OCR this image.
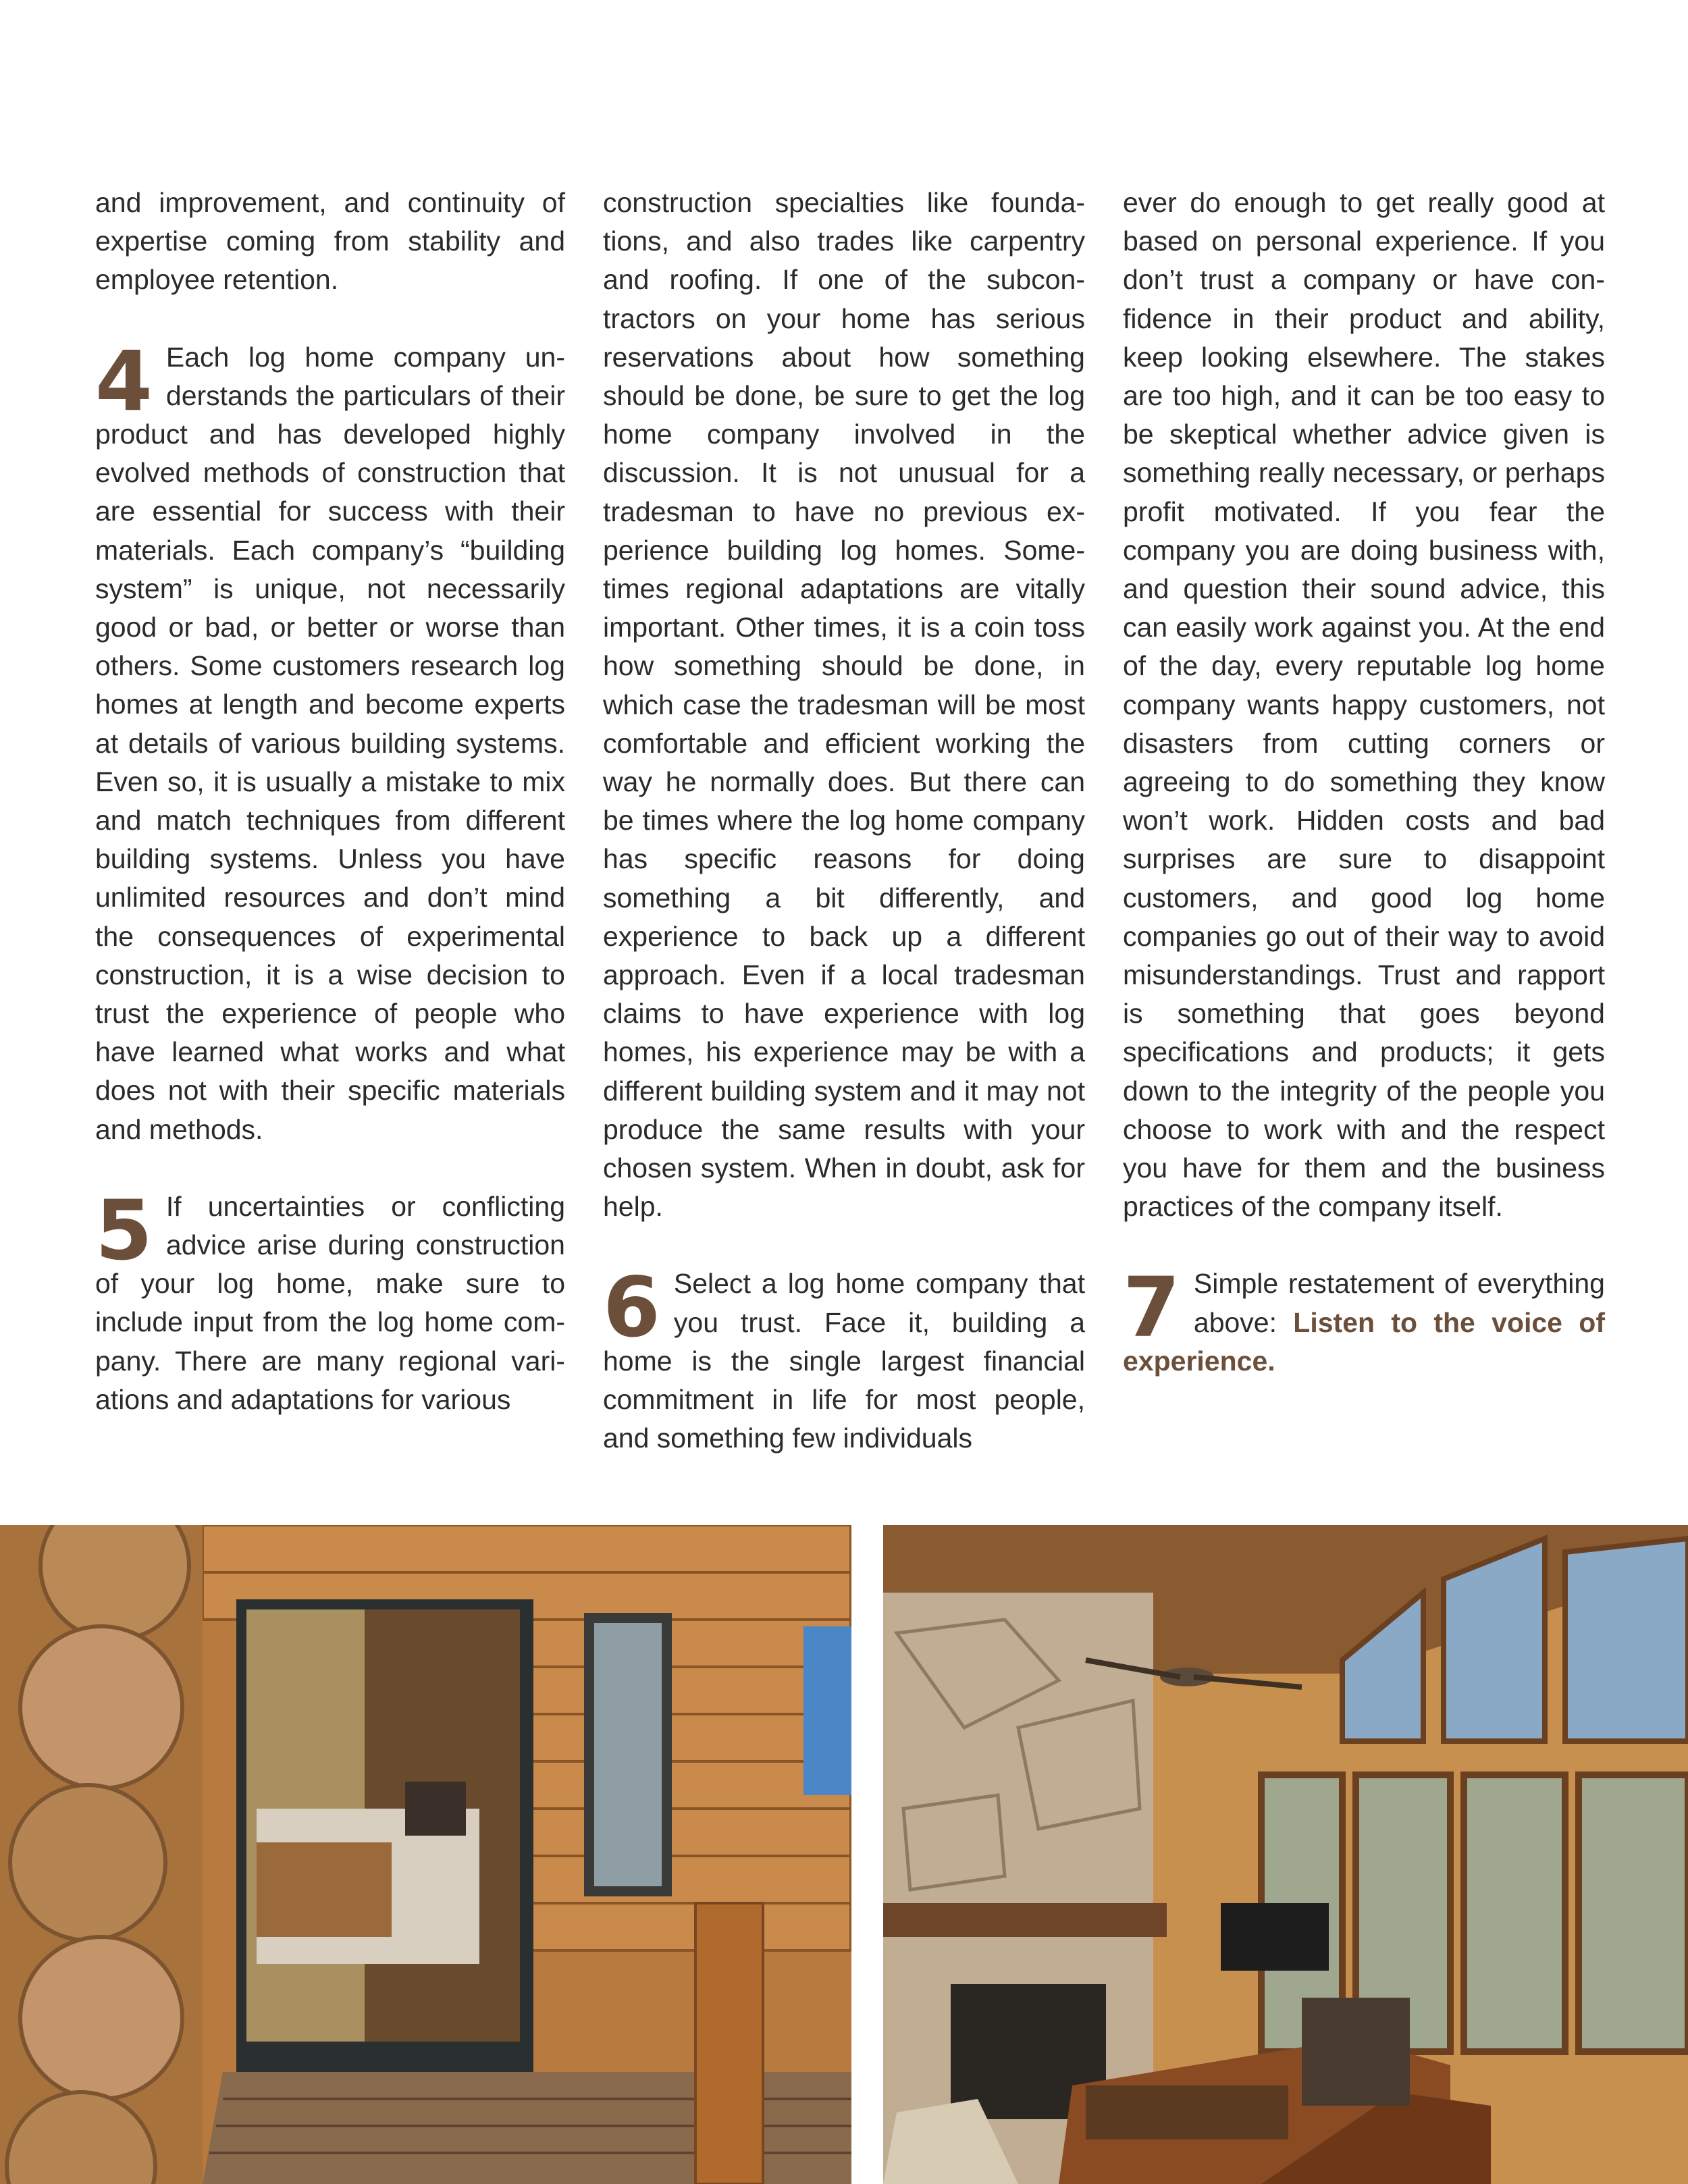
and improvement, and continuity of expertise coming from stability and employee retention.

4 Each log home company understands the particulars of their product and has developed highly evolved methods of construction that are essential for success with their materials. Each company’s “building system” is unique, not necessarily good or bad, or better or worse than others. Some customers research log homes at length and become experts at details of various building systems. Even so, it is usually a mistake to mix and match techniques from different building systems. Unless you have unlimited resources and don’t mind the consequences of experimental construction, it is a wise decision to trust the experience of people who have learned what works and what does not with their specific materials and methods.

5 If uncertainties or conflicting advice arise during construction of your log home, make sure to include input from the log home company. There are many regional variations and adaptations for various

construction specialties like foundations, and also trades like carpentry and roofing. If one of the subcontractors on your home has serious reservations about how something should be done, be sure to get the log home company involved in the discussion. It is not unusual for a tradesman to have no previous experience building log homes. Sometimes regional adaptations are vitally important. Other times, it is a coin toss how something should be done, in which case the tradesman will be most comfortable and efficient working the way he normally does. But there can be times where the log home company has specific reasons for doing something a bit differently, and experience to back up a different approach. Even if a local tradesman claims to have experience with log homes, his experience may be with a different building system and it may not produce the same results with your chosen system. When in doubt, ask for help.

6 Select a log home company that you trust. Face it, building a home is the single largest financial commitment in life for most people, and something few individuals

ever do enough to get really good at based on personal experience. If you don’t trust a company or have confidence in their product and ability, keep looking elsewhere. The stakes are too high, and it can be too easy to be skeptical whether advice given is something really necessary, or perhaps profit motivated. If you fear the company you are doing business with, and question their sound advice, this can easily work against you. At the end of the day, every reputable log home company wants happy customers, not disasters from cutting corners or agreeing to do something they know won’t work. Hidden costs and bad surprises are sure to disappoint customers, and good log home companies go out of their way to avoid misunderstandings. Trust and rapport is something that goes beyond specifications and products; it gets down to the integrity of the people you choose to work with and the respect you have for them and the business practices of the company itself.

7 Simple restatement of everything above: Listen to the voice of experience.
